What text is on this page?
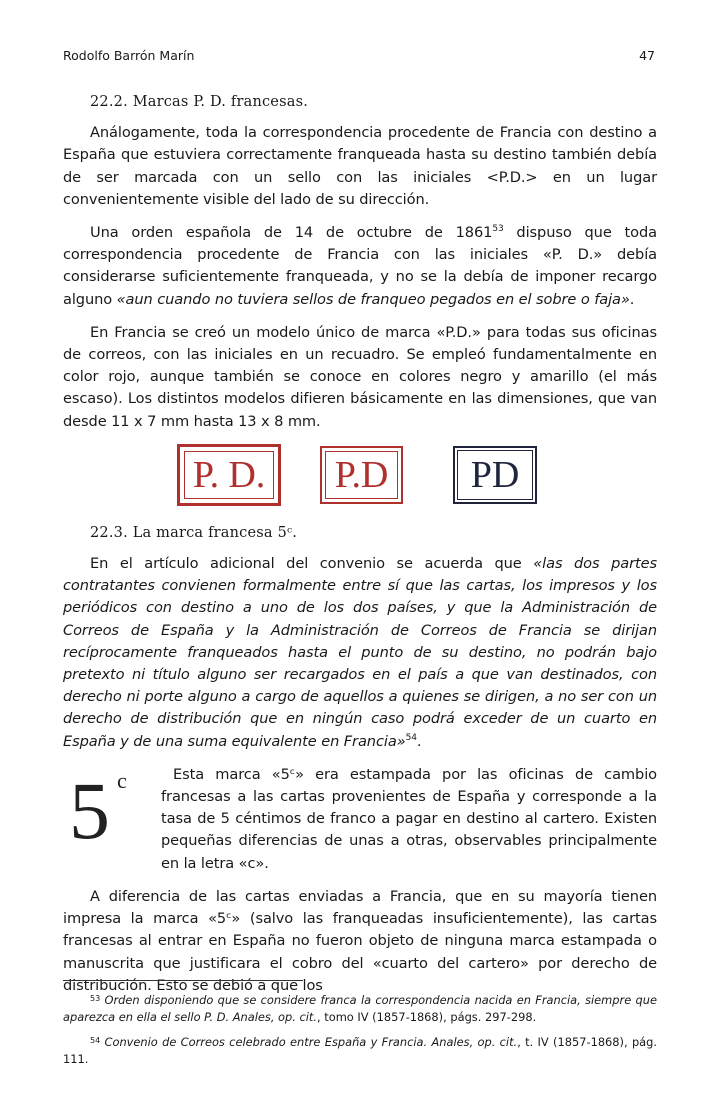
Rodolfo Barrón Marín	47
22.2. Marcas P. D. francesas.

Análogamente, toda la correspondencia procedente de Francia con destino a España que estuviera correctamente franqueada hasta su destino también debía de ser marcada con un sello con las iniciales <P.D.> en un lugar convenientemente visible del lado de su dirección.

Una orden española de 14 de octubre de 1861$^{53}$ dispuso que toda correspondencia procedente de Francia con las iniciales «P. D.» debía considerarse suficientemente franqueada, y no se la debía de imponer recargo alguno «aun cuando no tuviera sellos de franqueo pegados en el sobre o faja».

En Francia se creó un modelo único de marca «P.D.» para todas sus oficinas de correos, con las iniciales en un recuadro. Se empleó fundamentalmente en color rojo, aunque también se conoce en colores negro y amarillo (el más escaso). Los distintos modelos difieren básicamente en las dimensiones, que van desde 11 x 7 mm hasta 13 x 8 mm.

P. D.	P.D	PD
22.3. La marca francesa 5ᶜ.

En el artículo adicional del convenio se acuerda que «las dos partes contratantes convienen formalmente entre sí que las cartas, los impresos y los periódicos con destino a uno de los dos países, y que la Administración de Correos de España y la Administración de Correos de Francia se dirijan recíprocamente franqueados hasta el punto de su destino, no podrán bajo pretexto ni título alguno ser recargados en el país a que van destinados, con derecho ni porte alguno a cargo de aquellos a quienes se dirigen, a no ser con un derecho de distribución que en ningún caso podrá exceder de un cuarto en España y de una suma equivalente en Francia»$^{54}$.

5 c	Esta marca «5ᶜ» era estampada por las oficinas de cambio francesas a las cartas provenientes de España y corresponde a la tasa de 5 céntimos de franco a pagar en destino al cartero. Existen pequeñas diferencias de unas a otras, observables principalmente en la letra «c».

A diferencia de las cartas enviadas a Francia, que en su mayoría tienen impresa la marca «5ᶜ» (salvo las franqueadas insuficientemente), las cartas francesas al entrar en España no fueron objeto de ninguna marca estampada o manuscrita que justificara el cobro del «cuarto del cartero» por derecho de distribución. Esto se debió a que los

$^{53}$ Orden disponiendo que se considere franca la correspondencia nacida en Francia, siempre que aparezca en ella el sello P. D. Anales, op. cit., tomo IV (1857-1868), págs. 297-298.

$^{54}$ Convenio de Correos celebrado entre España y Francia. Anales, op. cit., t. IV (1857-1868), pág. 111.
